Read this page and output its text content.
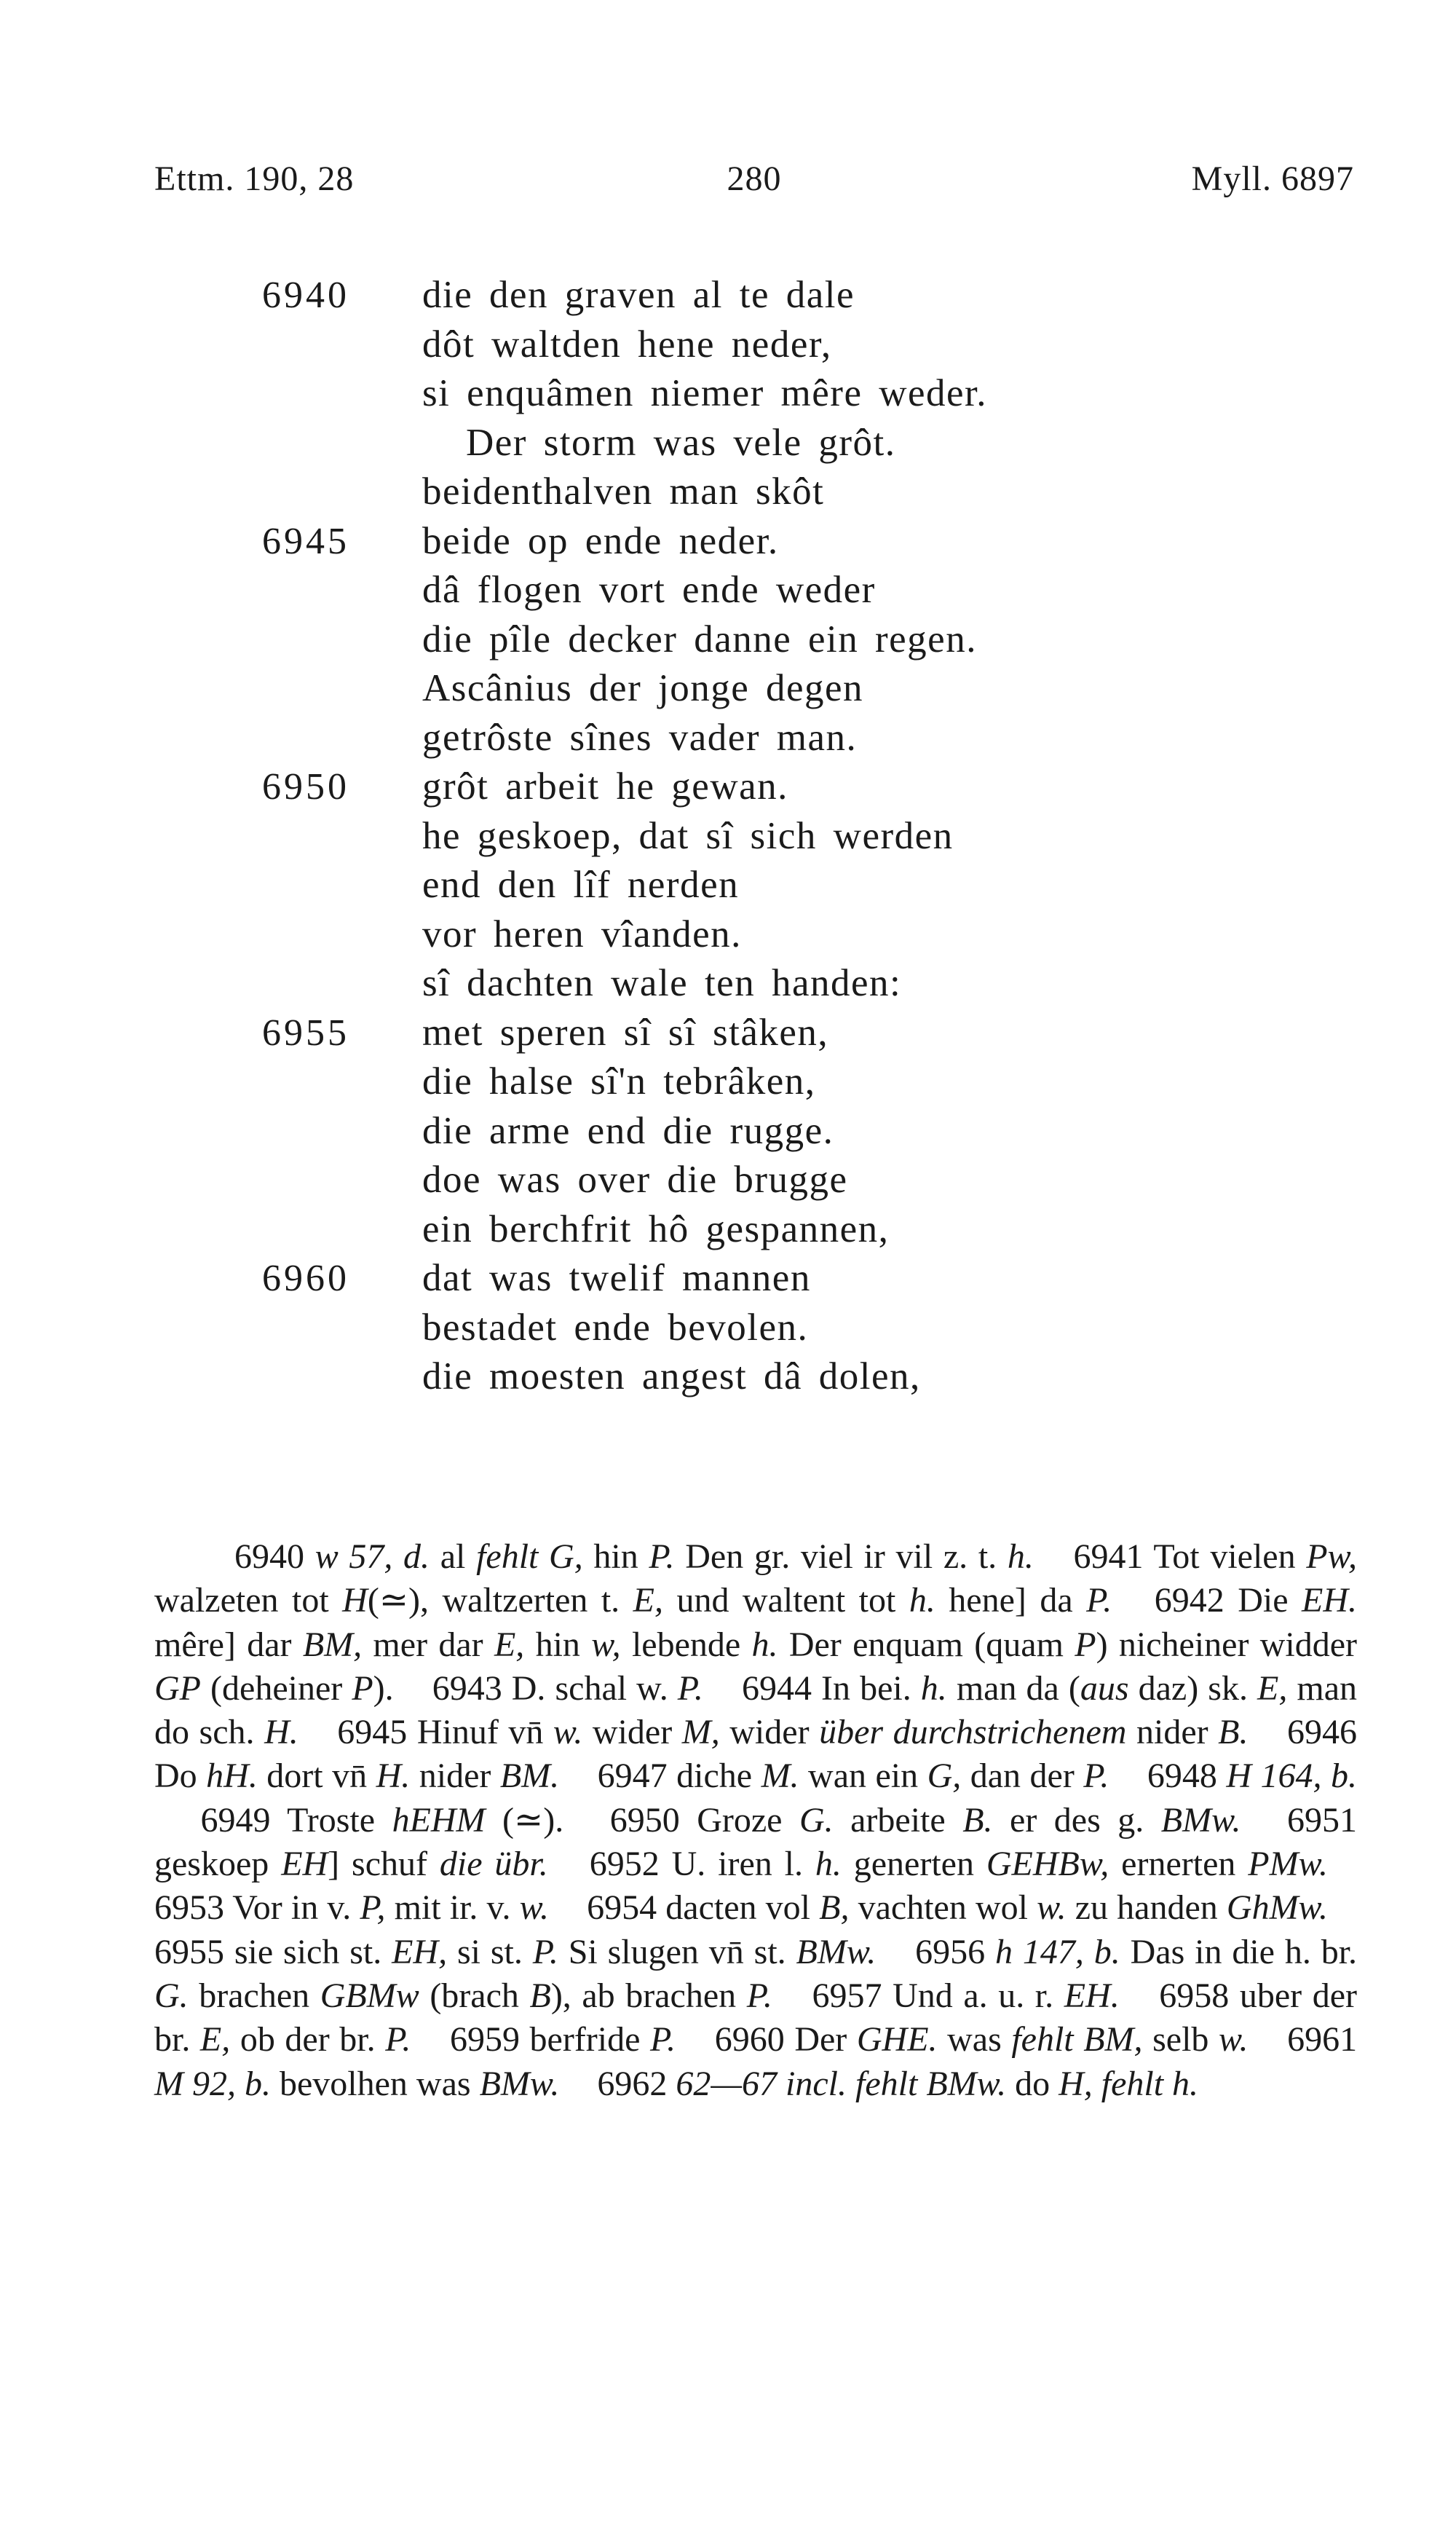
Ettm. 190, 28	280	Myll. 6897
6940 die den graven al te dale
dôt waltden hene neder,
si enquâmen niemer mêre weder.
Der storm was vele grôt.
beidenthalven man skôt
6945 beide op ende neder.
dâ flogen vort ende weder
die pîle decker danne ein regen.
Ascânius der jonge degen
getrôste sînes vader man.
6950 grôt arbeit he gewan.
he geskoep, dat sî sich werden
end den lîf nerden
vor heren vîanden.
sî dachten wale ten handen:
6955 met speren sî sî stâken,
die halse sî'n tebrâken,
die arme end die rugge.
doe was over die brugge
ein berchfrit hô gespannen,
6960 dat was twelif mannen
bestadet ende bevolen.
die moesten angest dâ dolen,

6940 w 57, d. al fehlt G, hin P. Den gr. viel ir vil z. t. h. 6941 Tot vielen Pw, walzeten tot H(≃), waltzerten t. E, und waltent tot h. hene] da P. 6942 Die EH. mêre] dar BM, mer dar E, hin w, lebende h. Der enquam (quam P) nicheiner widder GP (deheiner P). 6943 D. schal w. P. 6944 In bei. h. man da (aus daz) sk. E, man do sch. H. 6945 Hinuf vn̄ w. wider M, wider über durchstrichenem nider B. 6946 Do hH. dort vn̄ H. nider BM. 6947 diche M. wan ein G, dan der P. 6948 H 164, b. 6949 Troste hEHM (≃). 6950 Groze G. arbeite B. er des g. BMw. 6951 geskoep EH] schuf die übr. 6952 U. iren l. h. generten GEHBw, ernerten PMw. 6953 Vor in v. P, mit ir. v. w. 6954 dacten vol B, vachten wol w. zu handen GhMw. 6955 sie sich st. EH, si st. P. Si slugen vn̄ st. BMw. 6956 h 147, b. Das in die h. br. G. brachen GBMw (brach B), ab brachen P. 6957 Und a. u. r. EH. 6958 uber der br. E, ob der br. P. 6959 berfride P. 6960 Der GHE. was fehlt BM, selb w. 6961 M 92, b. bevolhen was BMw. 6962 62—67 incl. fehlt BMw. do H, fehlt h.
